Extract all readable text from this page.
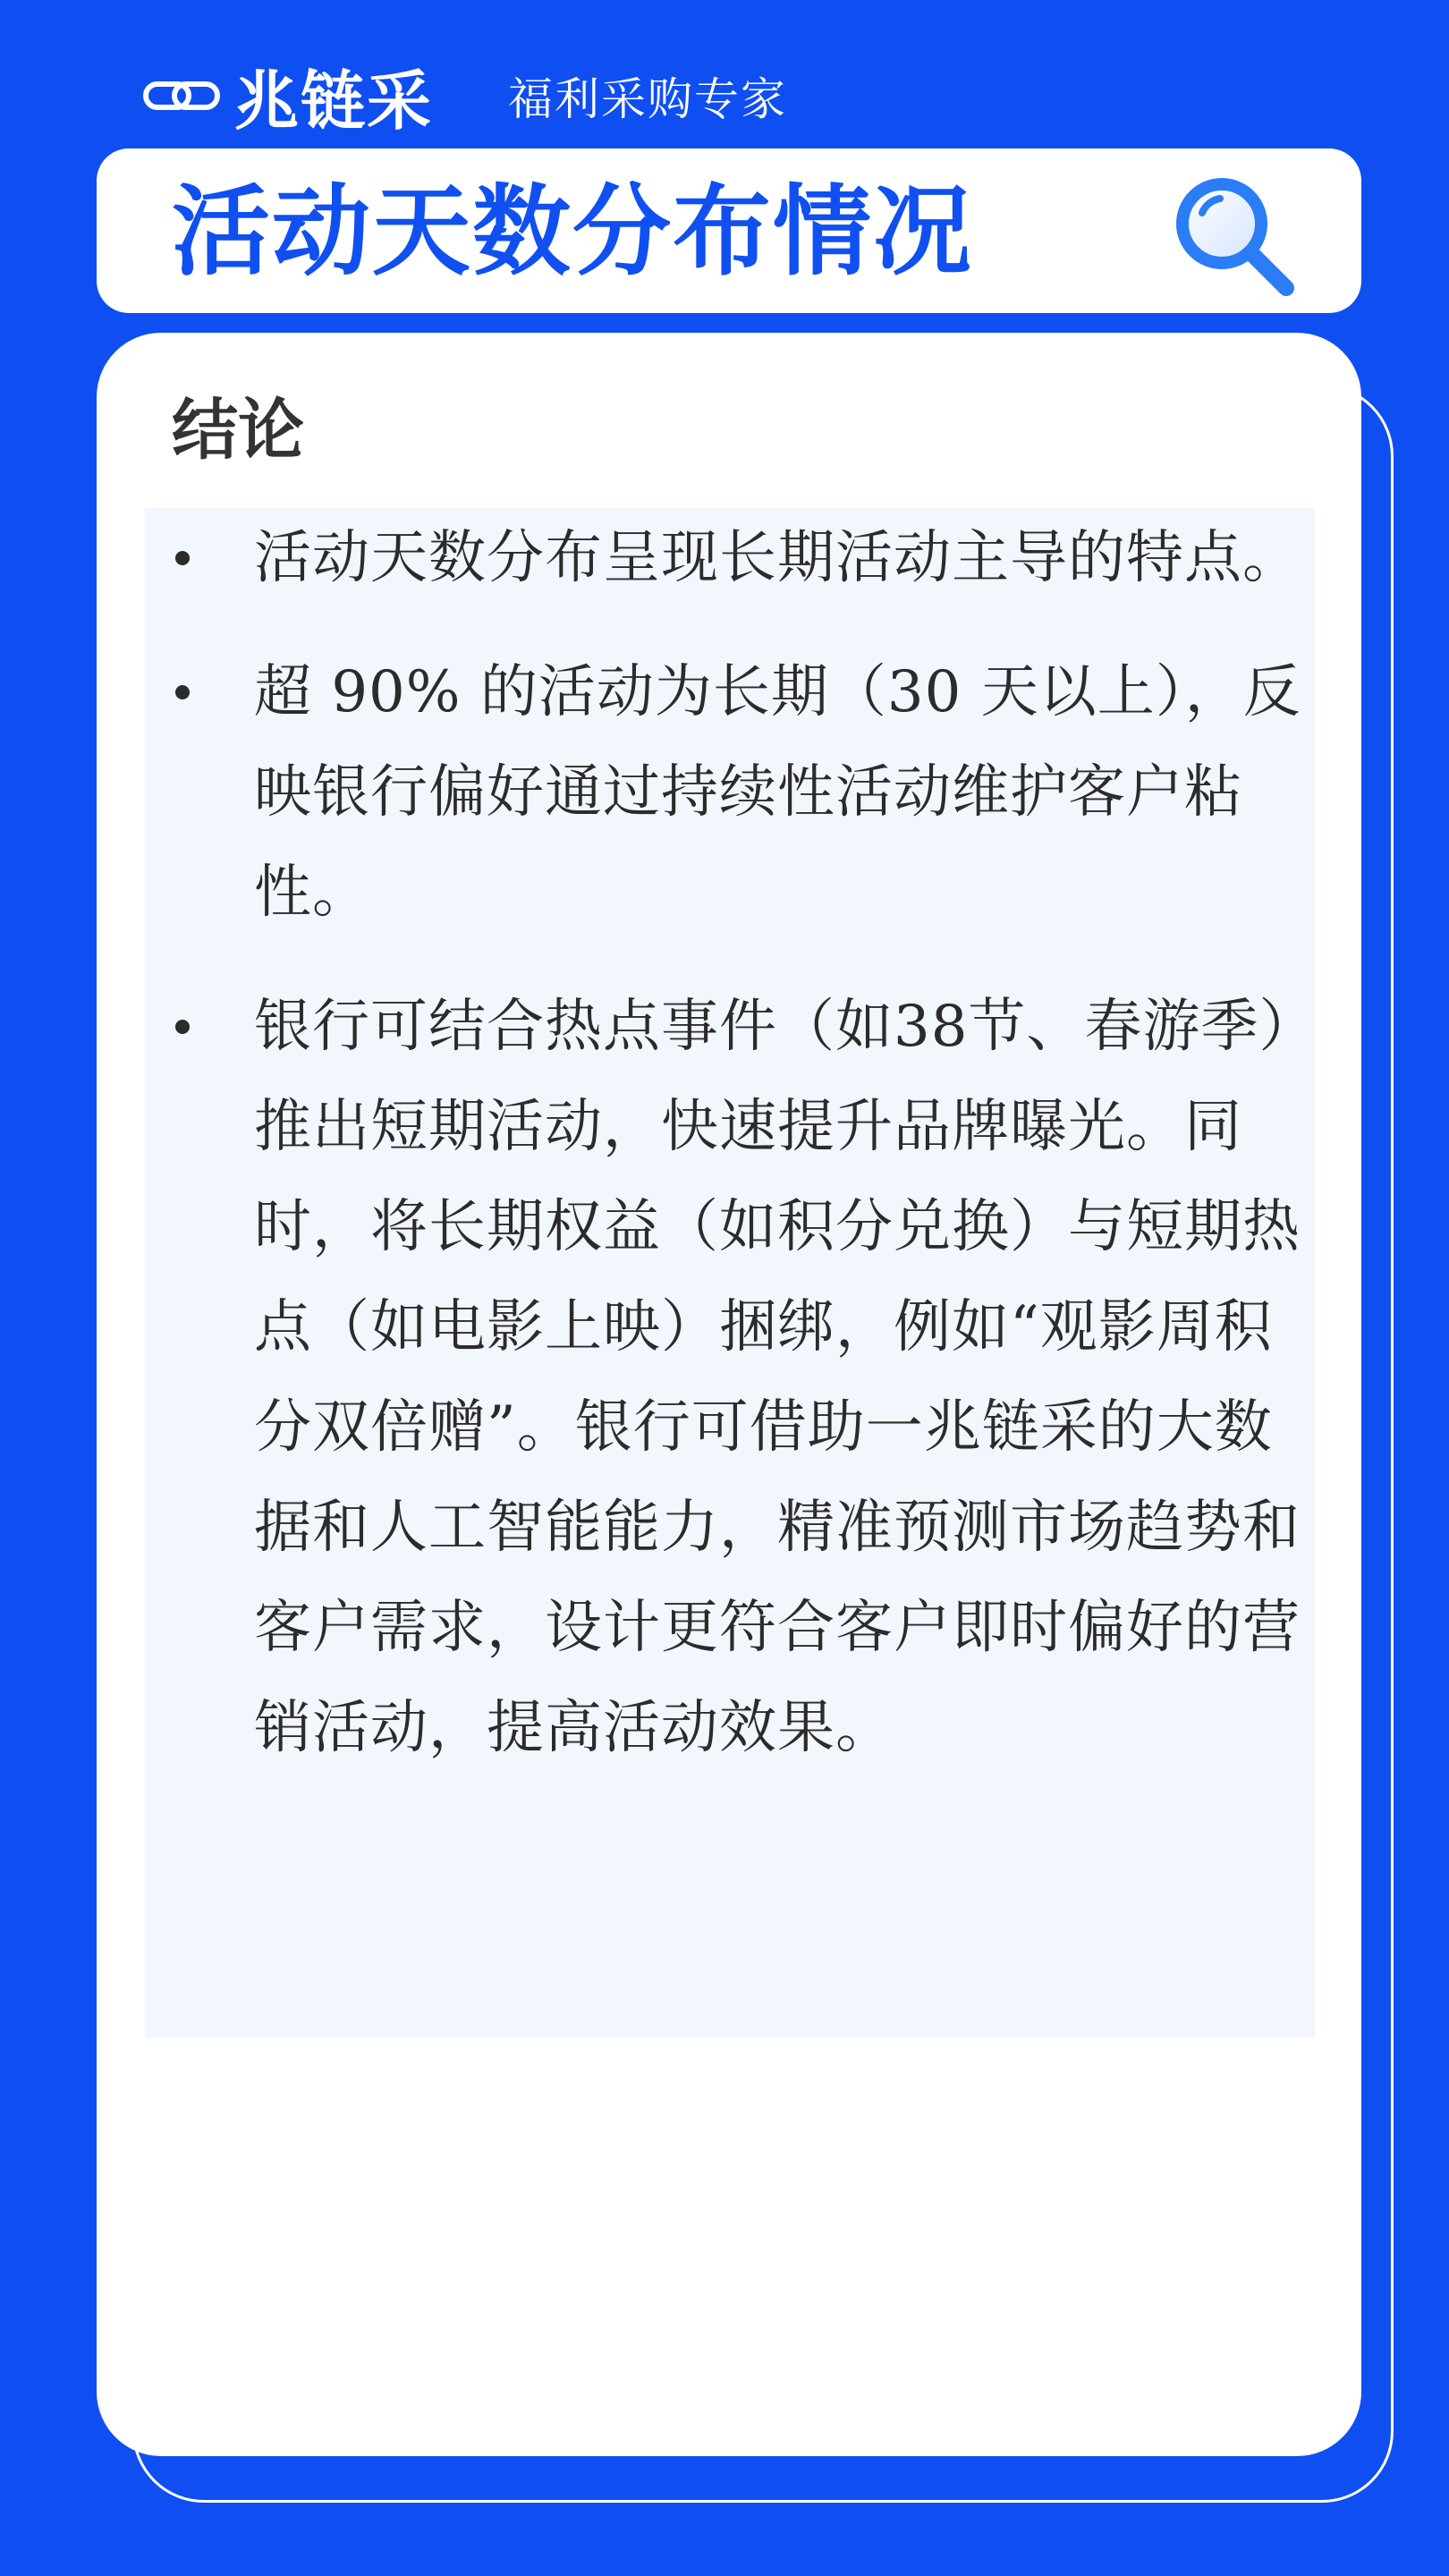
兆链采 福利采购专家
活动天数分布情况
结论
活动天数分布呈现长期活动主导的特点。
超 90% 的活动为长期（30 天以上），反映银行偏好通过持续性活动维护客户粘性。
银行可结合热点事件（如38节、春游季）推出短期活动，快速提升品牌曝光。同时，将长期权益（如积分兑换）与短期热点（如电影上映）捆绑，例如“观影周积分双倍赠”。银行可借助一兆链采的大数据和人工智能能力，精准预测市场趋势和客户需求，设计更符合客户即时偏好的营销活动，提高活动效果。
